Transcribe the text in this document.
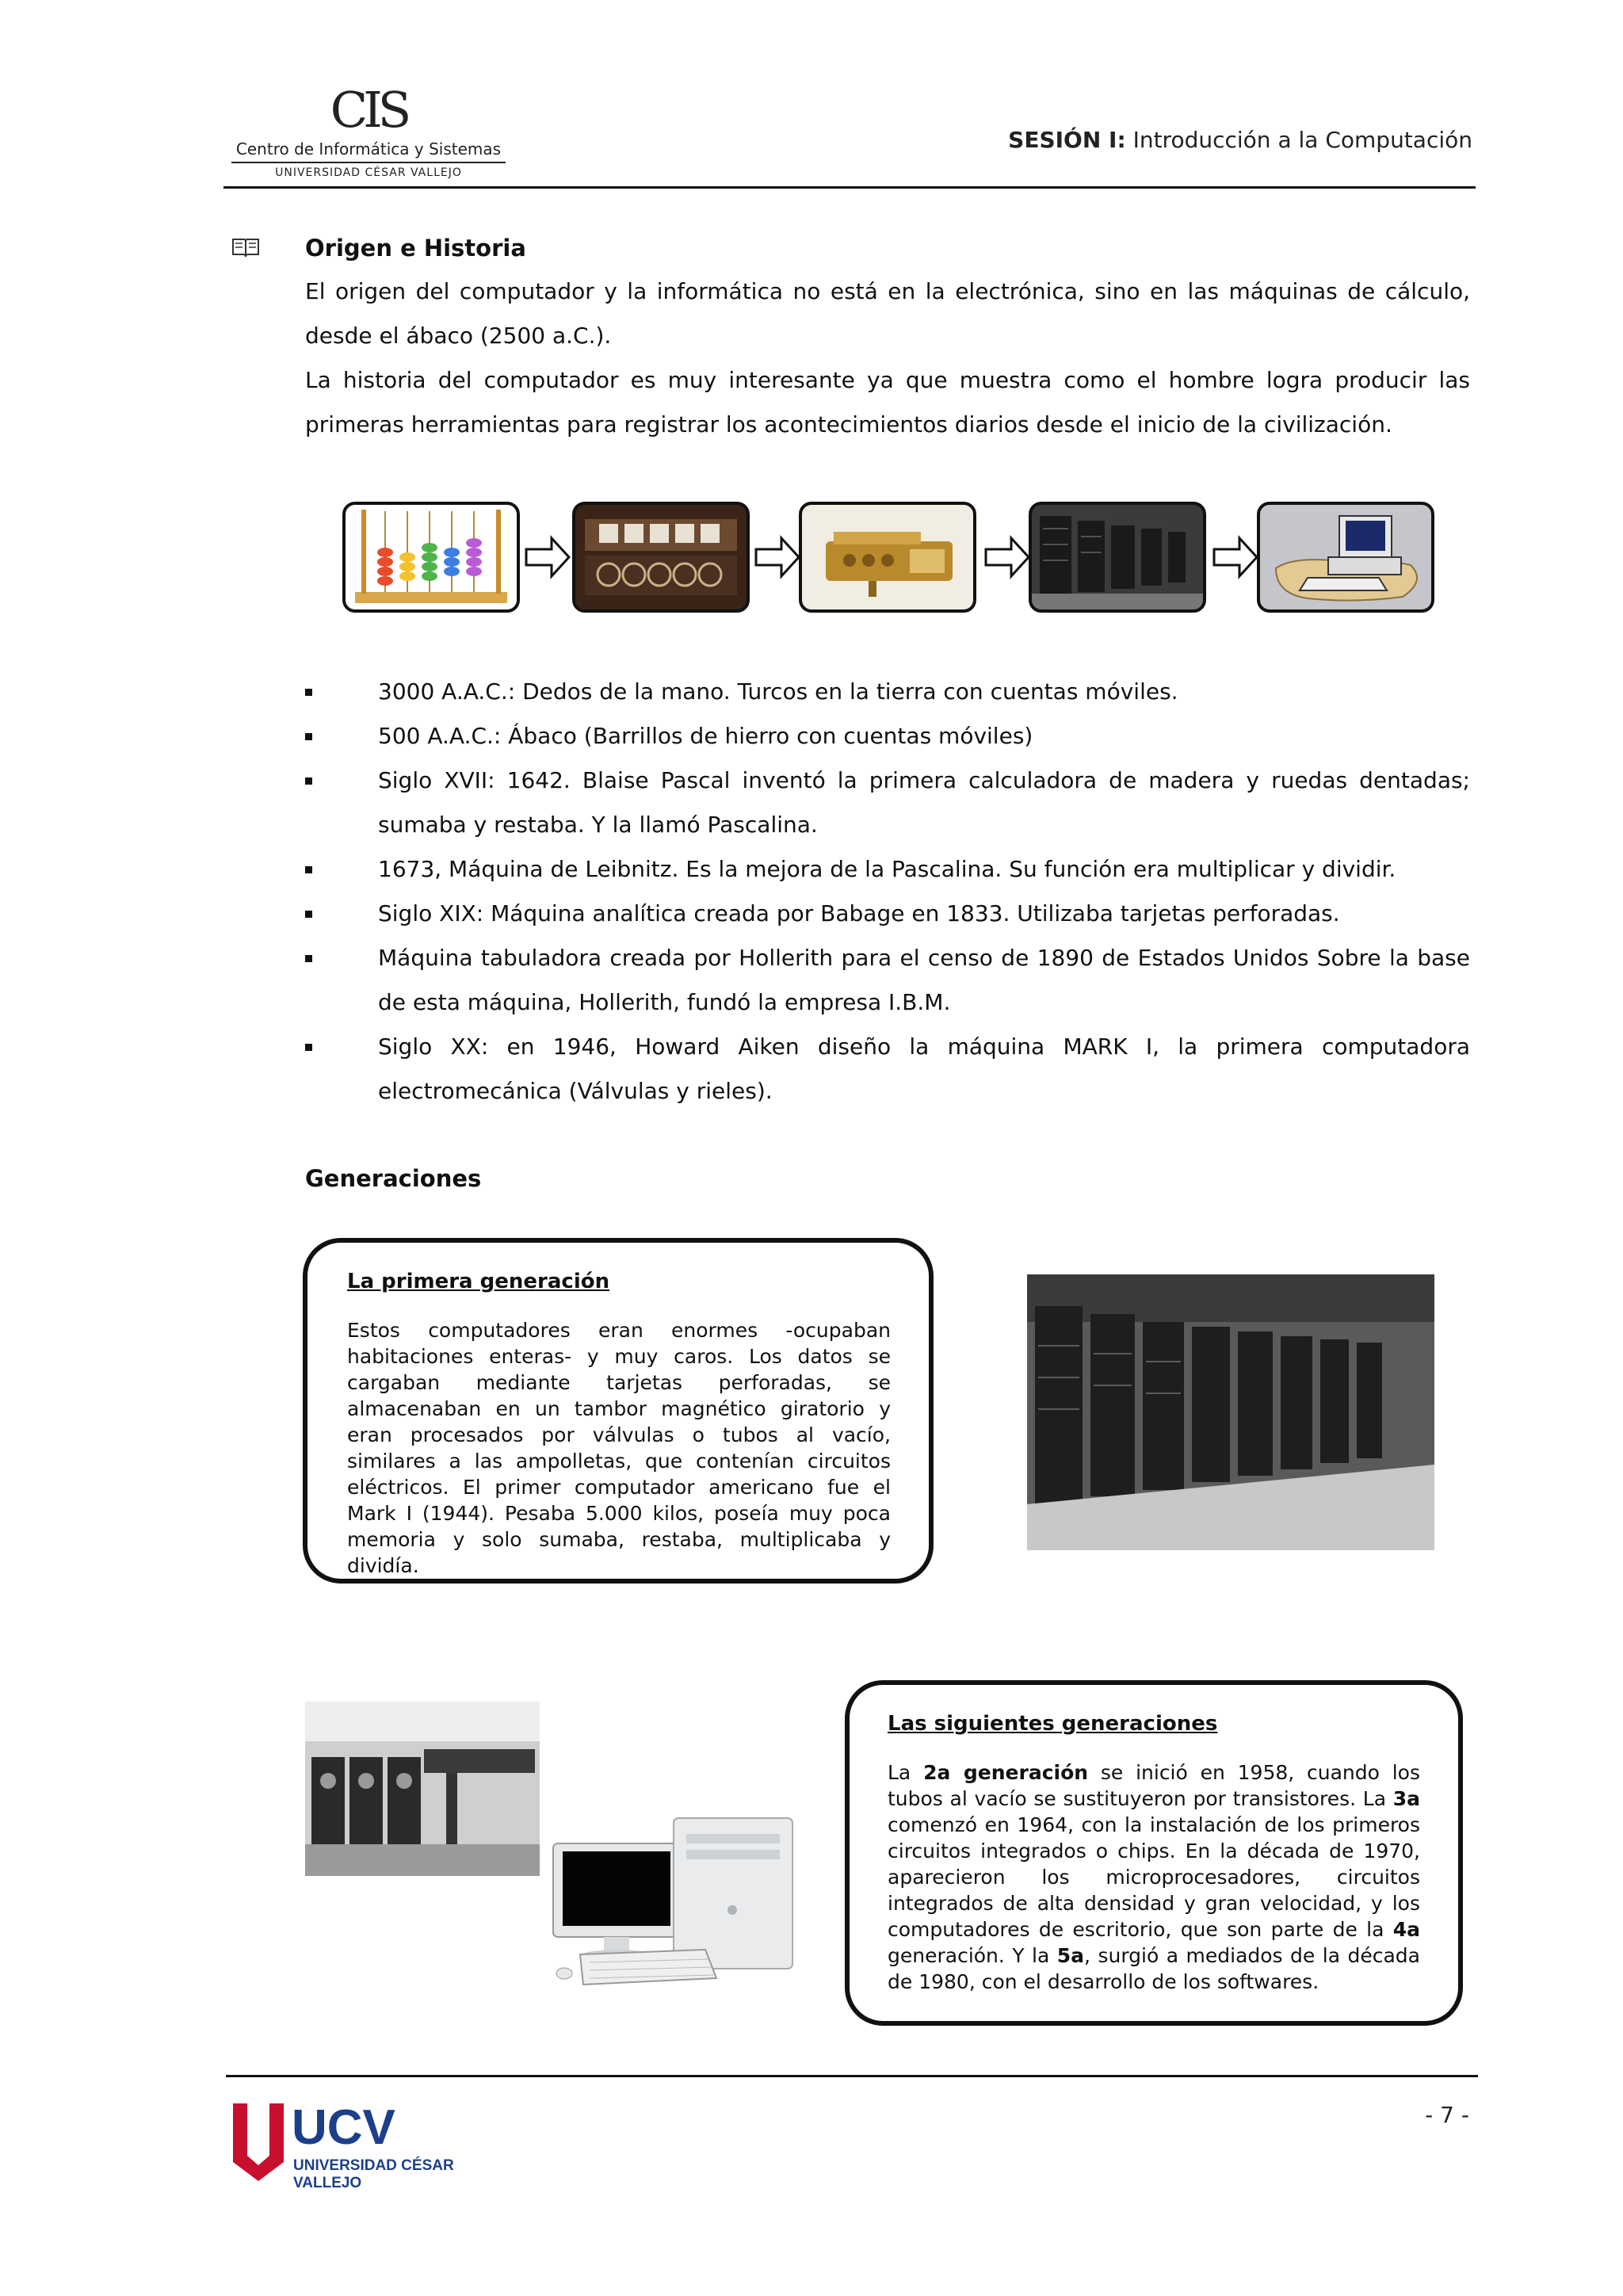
CIS
Centro de Informática y Sistemas
UNIVERSIDAD CÉSAR VALLEJO
SESIÓN I: Introducción a la Computación
Origen e Historia
El origen del computador y la informática no está en la electrónica, sino en las máquinas de cálculo, desde el ábaco (2500 a.C.).
La historia del computador es muy interesante ya que muestra como el hombre logra producir las primeras herramientas para registrar los acontecimientos diarios desde el inicio de la civilización.
3000 A.A.C.: Dedos de la mano. Turcos en la tierra con cuentas móviles.
500 A.A.C.: Ábaco (Barrillos de hierro con cuentas móviles)
Siglo XVII: 1642. Blaise Pascal inventó la primera calculadora de madera y ruedas dentadas; sumaba y restaba. Y la llamó Pascalina.
1673, Máquina de Leibnitz. Es la mejora de la Pascalina. Su función era multiplicar y dividir.
Siglo XIX: Máquina analítica creada por Babage en 1833. Utilizaba tarjetas perforadas.
Máquina tabuladora creada por Hollerith para el censo de 1890 de Estados Unidos Sobre la base de esta máquina, Hollerith, fundó la empresa I.B.M.
Siglo XX: en 1946, Howard Aiken diseño la máquina MARK I, la primera computadora electromecánica (Válvulas y rieles).
Generaciones
La primera generación
Estos computadores eran enormes -ocupaban habitaciones enteras- y muy caros. Los datos se cargaban mediante tarjetas perforadas, se almacenaban en un tambor magnético giratorio y eran procesados por válvulas o tubos al vacío, similares a las ampolletas, que contenían circuitos eléctricos. El primer computador americano fue el Mark I (1944). Pesaba 5.000 kilos, poseía muy poca memoria y solo sumaba, restaba, multiplicaba y dividía.
Las siguientes generaciones
La 2a generación se inició en 1958, cuando los tubos al vacío se sustituyeron por transistores. La 3a comenzó en 1964, con la instalación de los primeros circuitos integrados o chips. En la década de 1970, aparecieron los microprocesadores, circuitos integrados de alta densidad y gran velocidad, y los computadores de escritorio, que son parte de la 4a generación. Y la 5a, surgió a mediados de la década de 1980, con el desarrollo de los softwares.
UCV
UNIVERSIDAD CÉSAR VALLEJO
- 7 -
